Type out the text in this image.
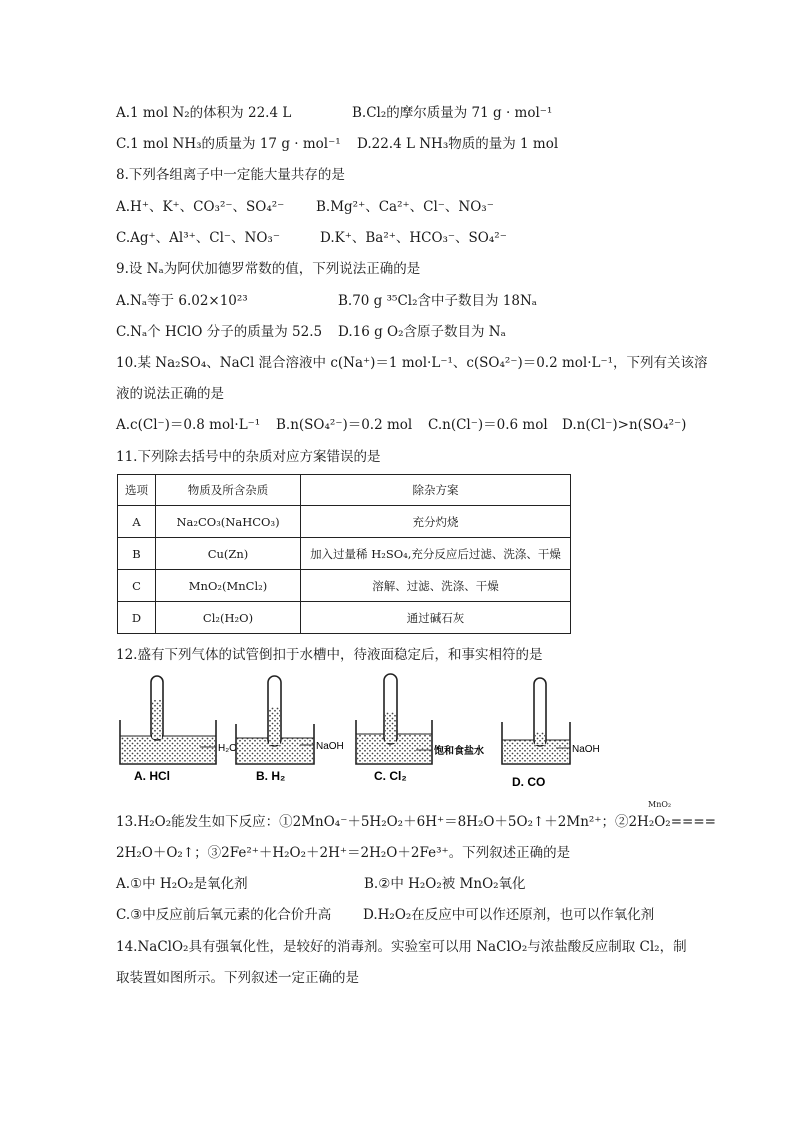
A.1 mol N₂的体积为 22.4 L	B.Cl₂的摩尔质量为 71 g · mol⁻¹
C.1 mol NH₃的质量为 17 g · mol⁻¹ D.22.4 L NH₃物质的量为 1 mol
8.下列各组离子中一定能大量共存的是
A.H⁺、K⁺、CO₃²⁻、SO₄²⁻ B.Mg²⁺、Ca²⁺、Cl⁻、NO₃⁻
C.Ag⁺、Al³⁺、Cl⁻、NO₃⁻	D.K⁺、Ba²⁺、HCO₃⁻、SO₄²⁻
9.设 Nₐ为阿伏加德罗常数的值，下列说法正确的是
A.Nₐ等于 6.02×10²³	B.70 g ³⁵Cl₂含中子数目为 18Nₐ
C.Nₐ个 HClO 分子的质量为 52.5 D.16 g O₂含原子数目为 Nₐ
10.某 Na₂SO₄、NaCl 混合溶液中 c(Na⁺)＝1 mol·L⁻¹、c(SO₄²⁻)＝0.2 mol·L⁻¹，下列有关该溶
液的说法正确的是
A.c(Cl⁻)＝0.8 mol·L⁻¹ B.n(SO₄²⁻)＝0.2 mol C.n(Cl⁻)＝0.6 mol D.n(Cl⁻)>n(SO₄²⁻)
11.下列除去括号中的杂质对应方案错误的是
选项	物质及所含杂质	除杂方案
A	Na₂CO₃(NaHCO₃)	充分灼烧
B	Cu(Zn)	加入过量稀 H₂SO₄,充分反应后过滤、洗涤、干燥
C	MnO₂(MnCl₂)	溶解、过滤、洗涤、干燥
D	Cl₂(H₂O)	通过碱石灰
12.盛有下列气体的试管倒扣于水槽中，待液面稳定后，和事实相符的是
H₂O
A. HCl
NaOH
B. H₂
饱和食盐水
C. Cl₂
NaOH
D. CO
MnO₂
13.H₂O₂能发生如下反应：①2MnO₄⁻＋5H₂O₂＋6H⁺＝8H₂O＋5O₂↑＋2Mn²⁺；②2H₂O₂====
2H₂O＋O₂↑；③2Fe²⁺＋H₂O₂＋2H⁺＝2H₂O＋2Fe³⁺。下列叙述正确的是
A.①中 H₂O₂是氧化剂	B.②中 H₂O₂被 MnO₂氧化
C.③中反应前后氧元素的化合价升高 D.H₂O₂在反应中可以作还原剂，也可以作氧化剂
14.NaClO₂具有强氧化性，是较好的消毒剂。实验室可以用 NaClO₂与浓盐酸反应制取 Cl₂，制
取装置如图所示。下列叙述一定正确的是
